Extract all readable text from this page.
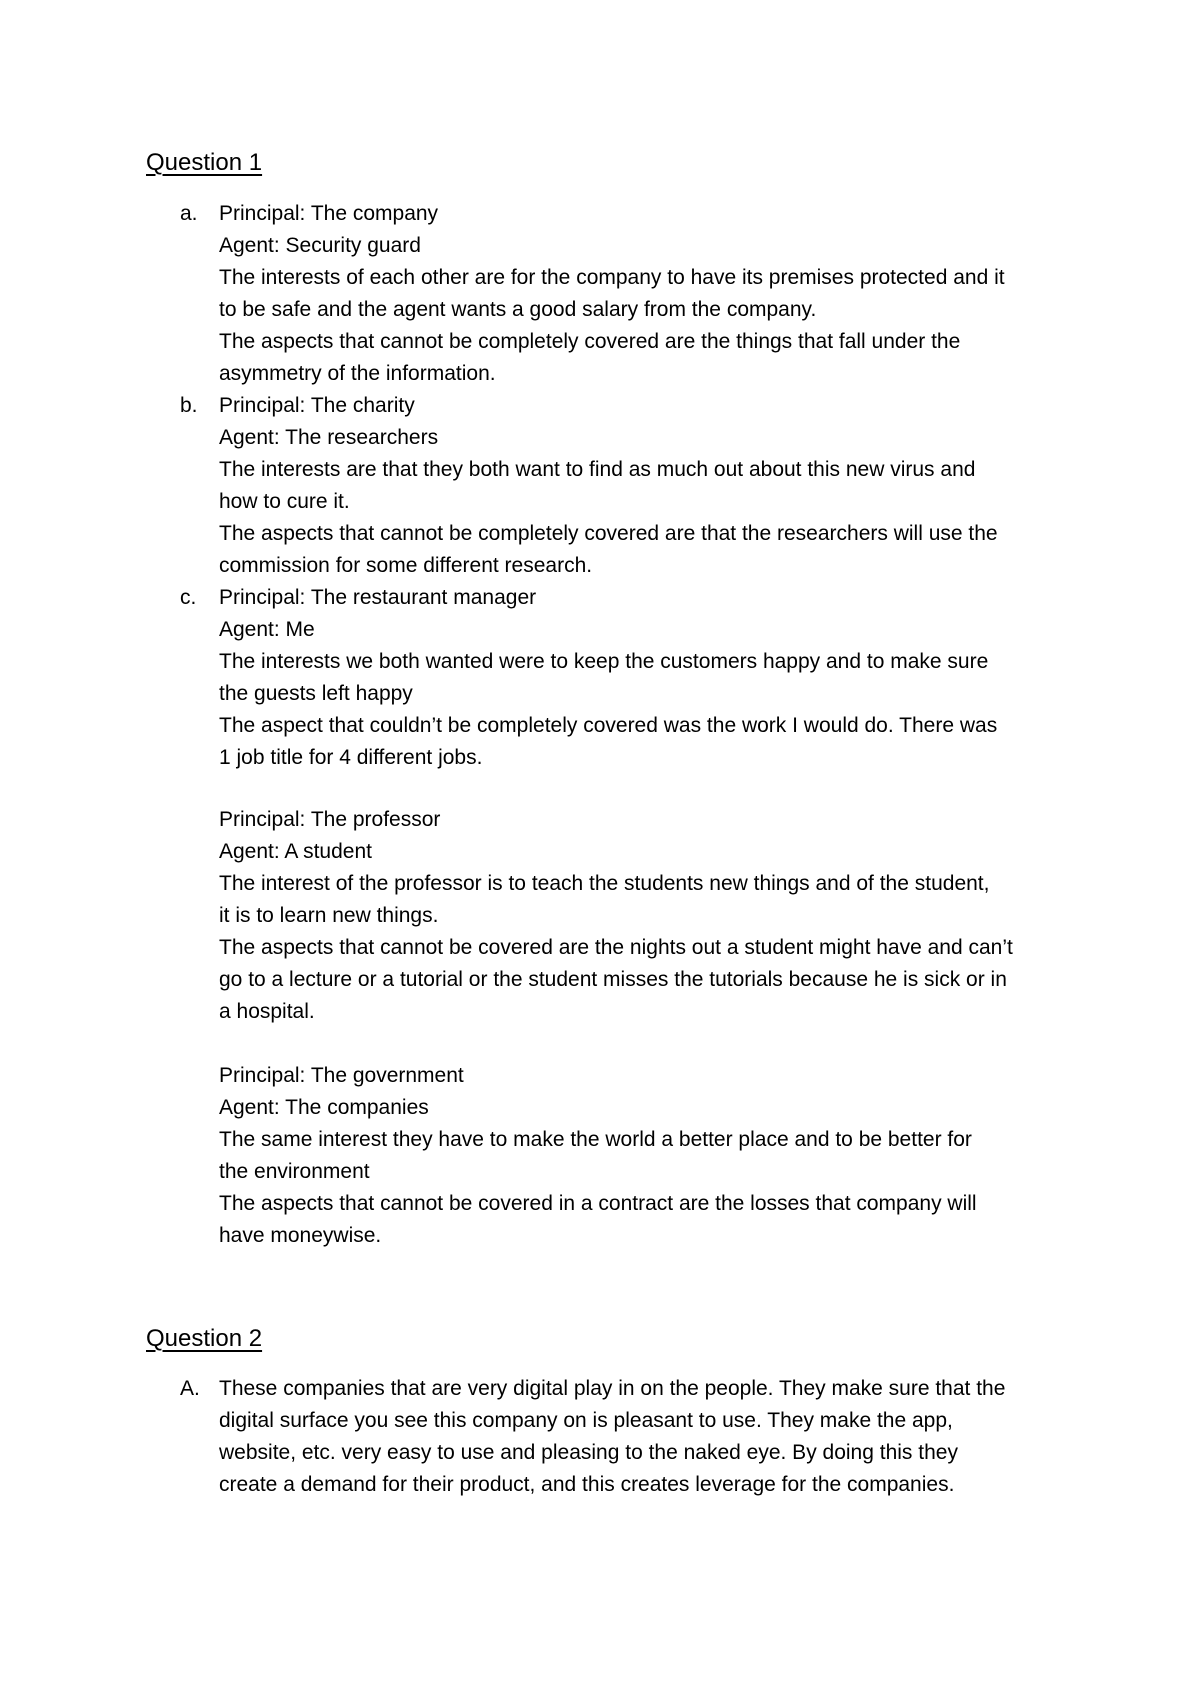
Question 1
a. Principal: The company
Agent: Security guard
The interests of each other are for the company to have its premises protected and it
to be safe and the agent wants a good salary from the company.
The aspects that cannot be completely covered are the things that fall under the
asymmetry of the information.
b. Principal: The charity
Agent: The researchers
The interests are that they both want to find as much out about this new virus and
how to cure it.
The aspects that cannot be completely covered are that the researchers will use the
commission for some different research.
c. Principal: The restaurant manager
Agent: Me
The interests we both wanted were to keep the customers happy and to make sure
the guests left happy
The aspect that couldn’t be completely covered was the work I would do. There was
1 job title for 4 different jobs.
Principal: The professor
Agent: A student
The interest of the professor is to teach the students new things and of the student,
it is to learn new things.
The aspects that cannot be covered are the nights out a student might have and can’t
go to a lecture or a tutorial or the student misses the tutorials because he is sick or in
a hospital.
Principal: The government
Agent: The companies
The same interest they have to make the world a better place and to be better for
the environment
The aspects that cannot be covered in a contract are the losses that company will
have moneywise.
Question 2
A. These companies that are very digital play in on the people. They make sure that the
digital surface you see this company on is pleasant to use. They make the app,
website, etc. very easy to use and pleasing to the naked eye. By doing this they
create a demand for their product, and this creates leverage for the companies.
